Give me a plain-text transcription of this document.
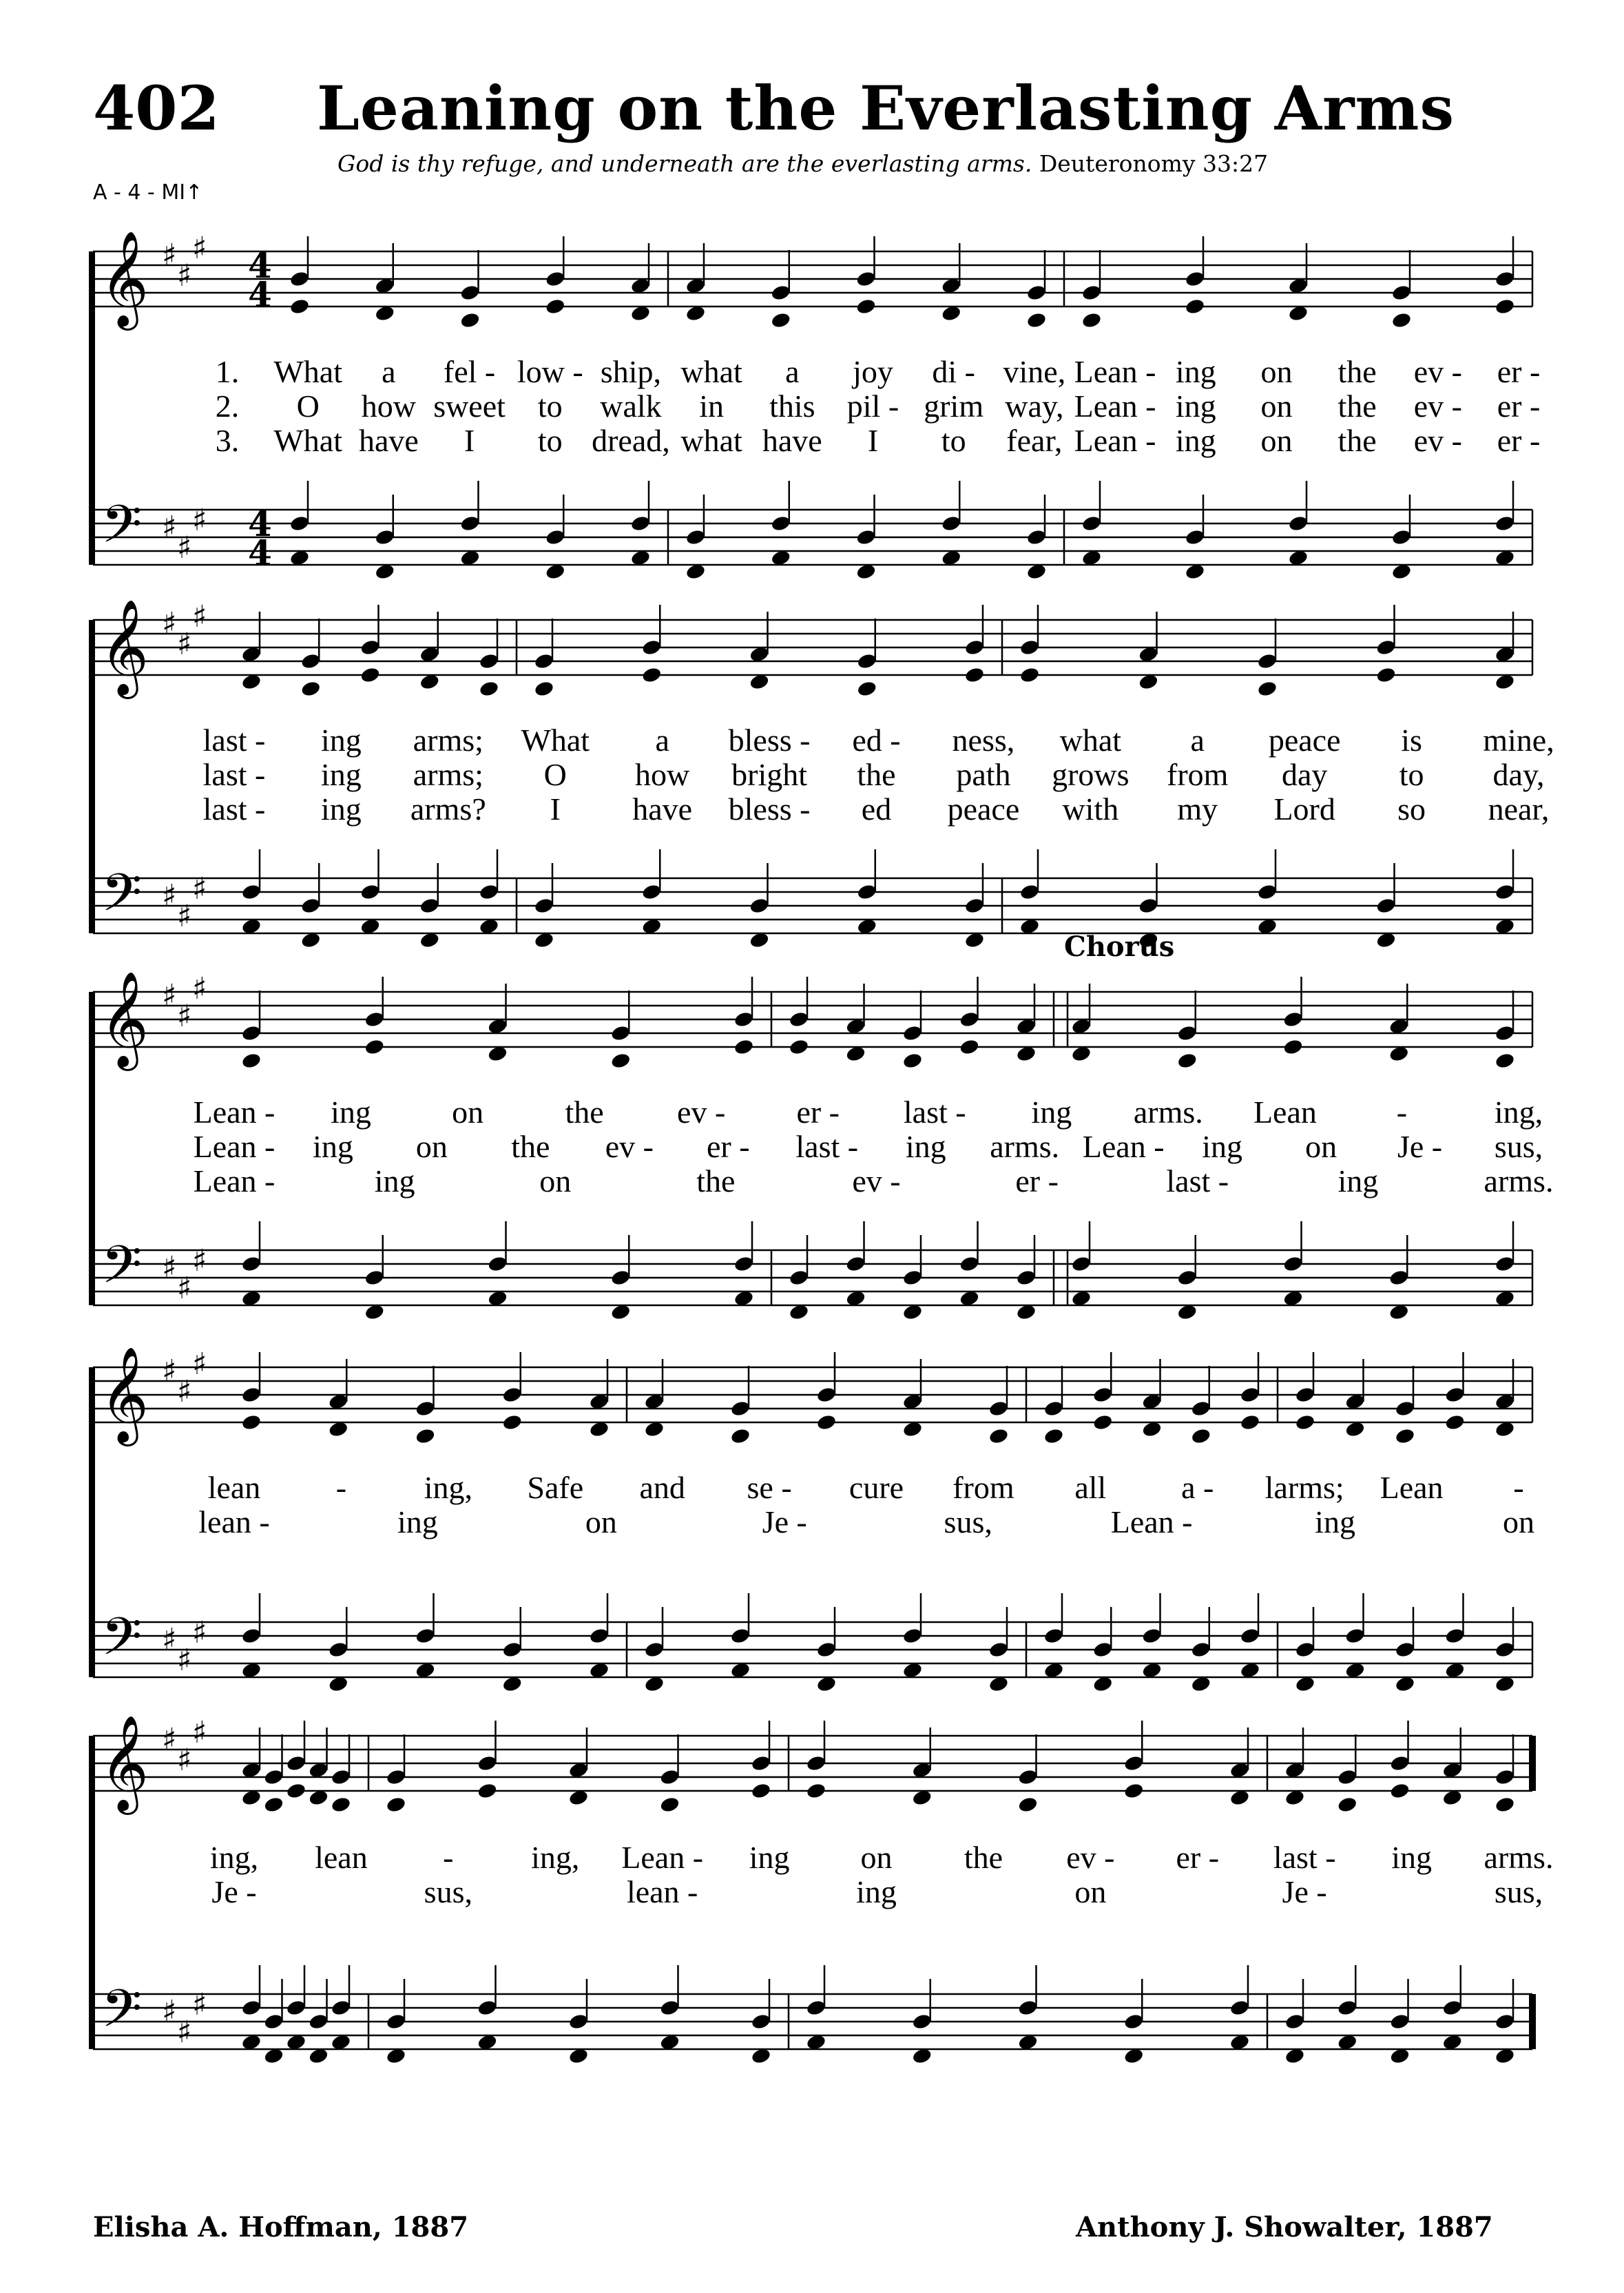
402 Leaning on the Everlasting Arms
God is thy refuge, and underneath are the everlasting arms. Deuteronomy 33:27
A - 4 - MI↑
𝄞
𝄢
♯
♯
♯
♯
♯
♯
4
4
4
4
1. What a fel - low - ship, what a joy di - vine, Lean - ing on the ev - er -
2. O how sweet to walk in this pil - grim way, Lean - ing on the ev - er -
3. What have I to dread, what have I to fear, Lean - ing on the ev - er -
𝄞
𝄢
♯
♯
♯
♯
♯
♯
last - ing arms; What a bless - ed - ness, what a peace is mine,
last - ing arms; O how bright the path grows from day to day,
last - ing arms? I have bless - ed peace with my Lord so near,
𝄞
𝄢
♯
♯
♯
♯
♯
♯
Chorus
Lean - ing	on	the ev - er - last - ing arms. Lean	-	ing,
Lean - ing on the ev - er - last - ing arms. Lean - ing on Je - sus,
Lean -	ing	on	the	ev -	er -	last -	ing	arms.
𝄞
𝄢
♯
♯
♯
♯
♯
♯
lean - ing, Safe and se - cure from all a - larms; Lean -
lean -	ing	on	Je -	sus,	Lean -	ing	on
𝄞
𝄢
♯
♯
♯
♯
♯
♯
ing, lean - ing, Lean - ing on the ev - er - last - ing arms.
Je -	sus,	lean -	ing	on	Je -	sus,
Elisha A. Hoffman, 1887	Anthony J. Showalter, 1887
